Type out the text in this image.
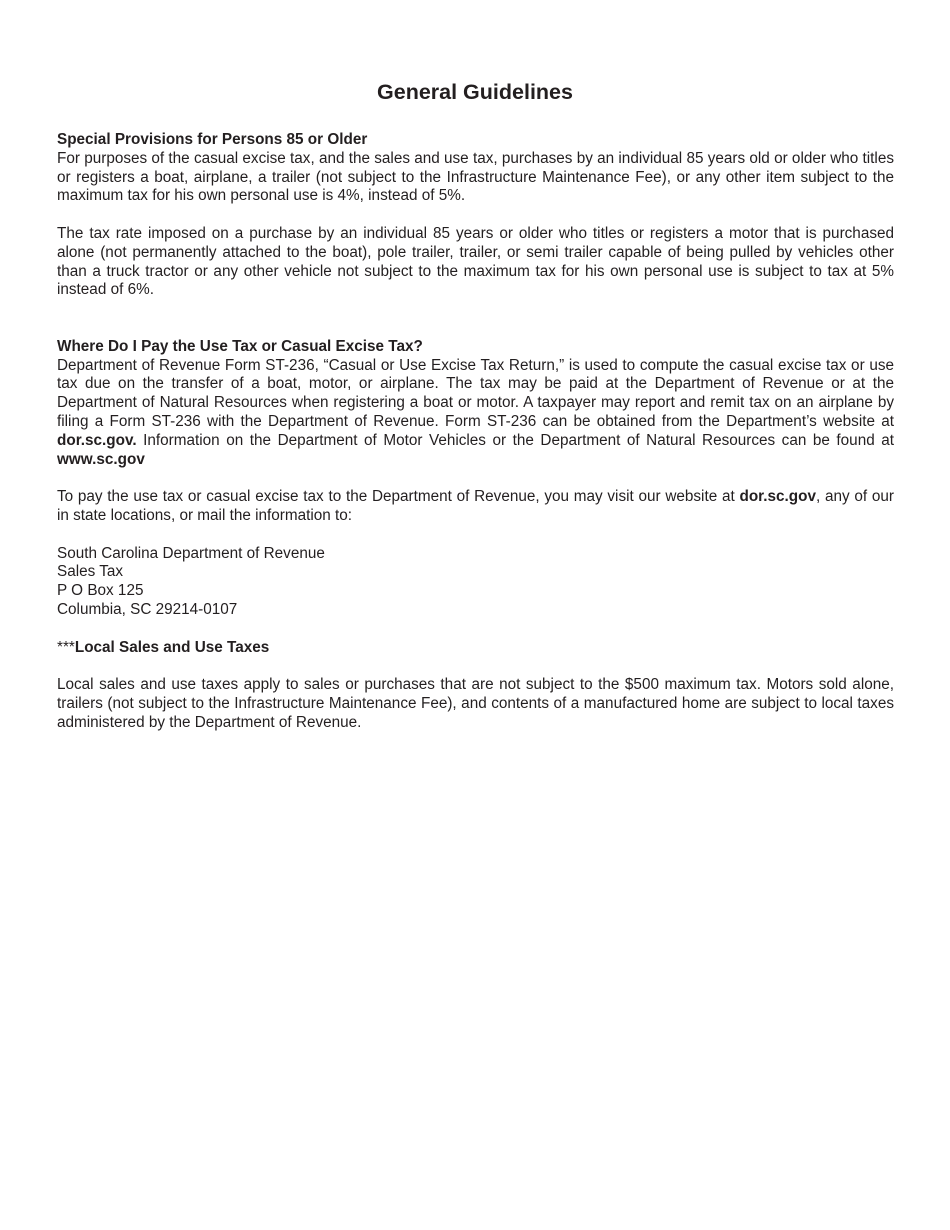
General Guidelines
Special Provisions for Persons 85 or Older

For purposes of the casual excise tax, and the sales and use tax, purchases by an individual 85 years old or older who titles or registers a boat, airplane, a trailer (not subject to the Infrastructure Maintenance Fee), or any other item subject to the maximum tax for his own personal use is 4%, instead of 5%.

The tax rate imposed on a purchase by an individual 85 years or older who titles or registers a motor that is purchased alone (not permanently attached to the boat), pole trailer, trailer, or semi trailer capable of being pulled by vehicles other than a truck tractor or any other vehicle not subject to the maximum tax for his own personal use is subject to tax at 5% instead of 6%.

Where Do I Pay the Use Tax or Casual Excise Tax?

Department of Revenue Form ST-236, “Casual or Use Excise Tax Return,” is used to compute the casual excise tax or use tax due on the transfer of a boat, motor, or airplane. The tax may be paid at the Department of Revenue or at the Department of Natural Resources when registering a boat or motor. A taxpayer may report and remit tax on an airplane by filing a Form ST-236 with the Department of Revenue. Form ST-236 can be obtained from the Department’s website at dor.sc.gov. Information on the Department of Motor Vehicles or the Department of Natural Resources can be found at www.sc.gov

To pay the use tax or casual excise tax to the Department of Revenue, you may visit our website at dor.sc.gov, any of our in state locations, or mail the information to:

South Carolina Department of Revenue
Sales Tax
P O Box 125
Columbia, SC 29214-0107
***Local Sales and Use Taxes

Local sales and use taxes apply to sales or purchases that are not subject to the $500 maximum tax. Motors sold alone, trailers (not subject to the Infrastructure Maintenance Fee), and contents of a manufactured home are subject to local taxes administered by the Department of Revenue.
